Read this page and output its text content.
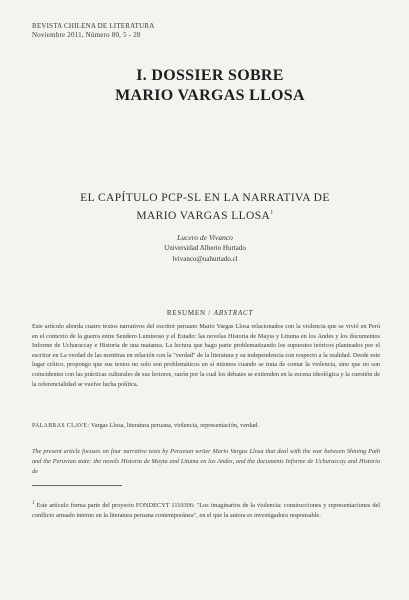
REVISTA CHILENA DE LITERATURA
Noviembre 2011, Número 80, 5 - 28
I. DOSSIER SOBRE
MARIO VARGAS LLOSA
EL CAPÍTULO PCP-SL EN LA NARRATIVA DE
MARIO VARGAS LLOSA$^1$
Lucero de Vivanco
Universidad Alberto Hurtado
lvivanco@uahurtado.cl
RESUMEN / ABSTRACT
Este artículo aborda cuatro textos narrativos del escritor peruano Mario Vargas Llosa relacionados con la violencia que se vivió en Perú en el contexto de la guerra entre Sendero Luminoso y el Estado: las novelas Historia de Mayta y Lituma en los Andes y los documentos Informe de Uchuraccay e Historia de una matanza. La lectura que hago parte problematizando los supuestos teóricos planteados por el escritor en La verdad de las mentiras en relación con la "verdad" de la literatura y su independencia con respecto a la realidad. Desde este lugar crítico, propongo que sus textos no solo son problemáticos en sí mismos cuando se trata de contar la violencia, sino que no son coincidentes con las prácticas culturales de sus lectores, razón por la cual los debates se extienden en la escena ideológica y la cuestión de la referencialidad se vuelve lucha política.
PALABRAS CLAVE: Vargas Llosa, literatura peruana, violencia, representación, verdad.
The present article focuses on four narrative texts by Peruvian writer Mario Vargas Llosa that deal with the war between Shining Path and the Peruvian state: the novels Historia de Mayta and Lituma en los Andes, and the documents Informe de Uchuraccay and Historia de
$^1$ Este artículo forma parte del proyecto FONDECYT 1110306: "Los imaginarios de la violencia: construcciones y representaciones del conflicto armado interno en la literatura peruana contemporánea", en el que la autora es investigadora responsable.
